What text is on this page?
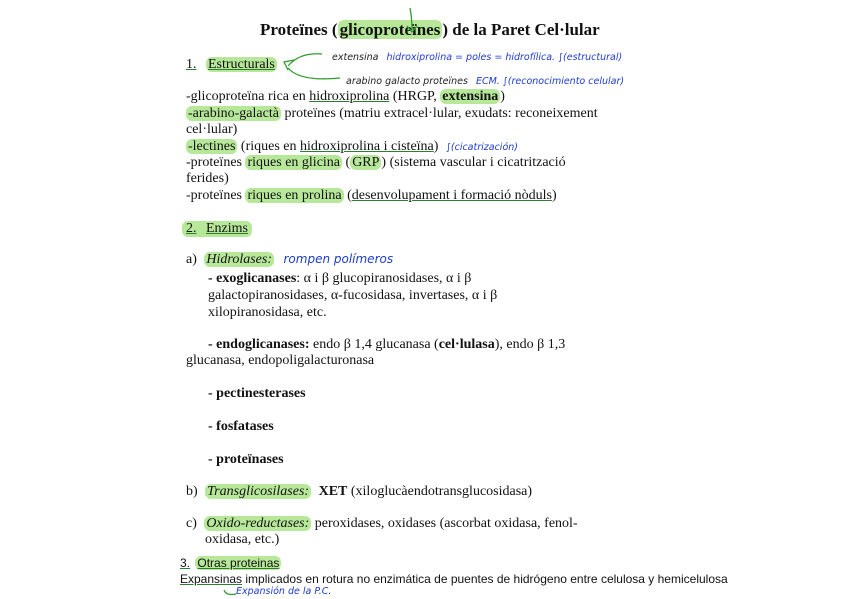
Proteïnes ( glicoproteïnes ) de la Paret Cel·lular
1. Estructurals	extensina hidroxiprolina = poles = hidrofílica. ∫(estructural)
arabino galacto proteïnes ECM. ∫(reconocimiento celular)
-glicoproteïna rica en hidroxiprolina (HRGP, extensina )
-arabino-galactà proteïnes (matriu extracel·lular, exudats: reconeixement
cel·lular)
-lectines (riques en hidroxiprolina i cisteïna) ∫(cicatrización)
-proteïnes riques en glicina ( GRP ) (sistema vascular i cicatrització
ferides)
-proteïnes riques en prolina (desenvolupament i formació nòduls)
2. Enzims
a) Hidrolases: rompen polímeros
- exoglicanases: α i β glucopiranosidases, α i β
galactopiranosidases, α-fucosidasa, invertases, α i β
xilopiranosidasa, etc.
- endoglicanases: endo β 1,4 glucanasa (cel·lulasa), endo β 1,3
glucanasa, endopoligalacturonasa
- pectinesterases
- fosfatases
- proteïnases
b) Transglicosilases: XET (xiloglucàendotransglucosidasa)
c) Oxido-reductases: peroxidases, oxidases (ascorbat oxidasa, fenol-
oxidasa, etc.)
3. Otras proteinas
Expansinas implicados en rotura no enzimática de puentes de hidrógeno entre celulosa y hemicelulosa
Expansión de la P.C.
